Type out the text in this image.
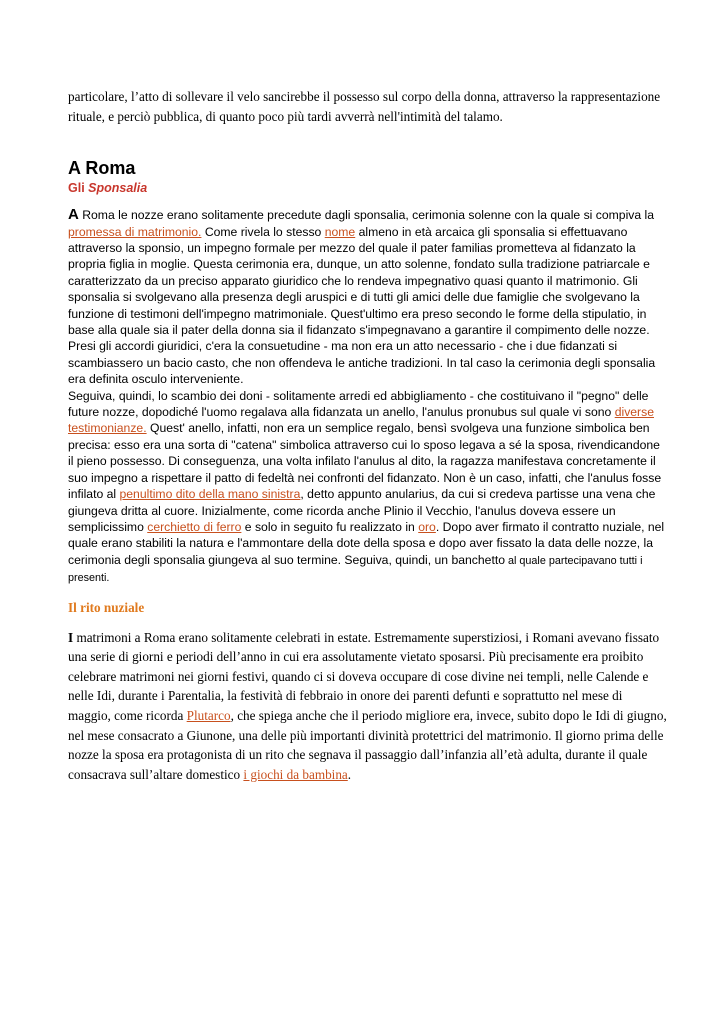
particolare, l’atto di sollevare il velo sancirebbe il possesso sul corpo della donna, attraverso la rappresentazione rituale, e perciò pubblica, di quanto poco più tardi avverrà nell'intimità del talamo.

A Roma
Gli Sponsalia

A Roma le nozze erano solitamente precedute dagli sponsalia, cerimonia solenne con la quale si compiva la promessa di matrimonio. Come rivela lo stesso nome almeno in età arcaica gli sponsalia si effettuavano attraverso la sponsio, un impegno formale per mezzo del quale il pater familias prometteva al fidanzato la propria figlia in moglie. Questa cerimonia era, dunque, un atto solenne, fondato sulla tradizione patriarcale e caratterizzato da un preciso apparato giuridico che lo rendeva impegnativo quasi quanto il matrimonio. Gli sponsalia si svolgevano alla presenza degli aruspici e di tutti gli amici delle due famiglie che svolgevano la funzione di testimoni dell'impegno matrimoniale. Quest'ultimo era preso secondo le forme della stipulatio, in base alla quale sia il pater della donna sia il fidanzato s'impegnavano a garantire il compimento delle nozze. Presi gli accordi giuridici, c'era la consuetudine - ma non era un atto necessario - che i due fidanzati si scambiassero un bacio casto, che non offendeva le antiche tradizioni. In tal caso la cerimonia degli sponsalia era definita osculo interveniente.

Seguiva, quindi, lo scambio dei doni - solitamente arredi ed abbigliamento - che costituivano il "pegno" delle future nozze, dopodiché l'uomo regalava alla fidanzata un anello, l'anulus pronubus sul quale vi sono diverse testimonianze. Quest' anello, infatti, non era un semplice regalo, bensì svolgeva una funzione simbolica ben precisa: esso era una sorta di "catena" simbolica attraverso cui lo sposo legava a sé la sposa, rivendicandone il pieno possesso. Di conseguenza, una volta infilato l'anulus al dito, la ragazza manifestava concretamente il suo impegno a rispettare il patto di fedeltà nei confronti del fidanzato. Non è un caso, infatti, che l'anulus fosse infilato al penultimo dito della mano sinistra, detto appunto anularius, da cui si credeva partisse una vena che giungeva dritta al cuore. Inizialmente, come ricorda anche Plinio il Vecchio, l'anulus doveva essere un semplicissimo cerchietto di ferro e solo in seguito fu realizzato in oro. Dopo aver firmato il contratto nuziale, nel quale erano stabiliti la natura e l'ammontare della dote della sposa e dopo aver fissato la data delle nozze, la cerimonia degli sponsalia giungeva al suo termine. Seguiva, quindi, un banchetto al quale partecipavano tutti i presenti.

Il rito nuziale

I matrimoni a Roma erano solitamente celebrati in estate. Estremamente superstiziosi, i Romani avevano fissato una serie di giorni e periodi dell’anno in cui era assolutamente vietato sposarsi. Più precisamente era proibito celebrare matrimoni nei giorni festivi, quando ci si doveva occupare di cose divine nei templi, nelle Calende e nelle Idi, durante i Parentalia, la festività di febbraio in onore dei parenti defunti e soprattutto nel mese di maggio, come ricorda Plutarco, che spiega anche che il periodo migliore era, invece, subito dopo le Idi di giugno, nel mese consacrato a Giunone, una delle più importanti divinità protettrici del matrimonio. Il giorno prima delle nozze la sposa era protagonista di un rito che segnava il passaggio dall’infanzia all’età adulta, durante il quale consacrava sull’altare domestico i giochi da bambina.
